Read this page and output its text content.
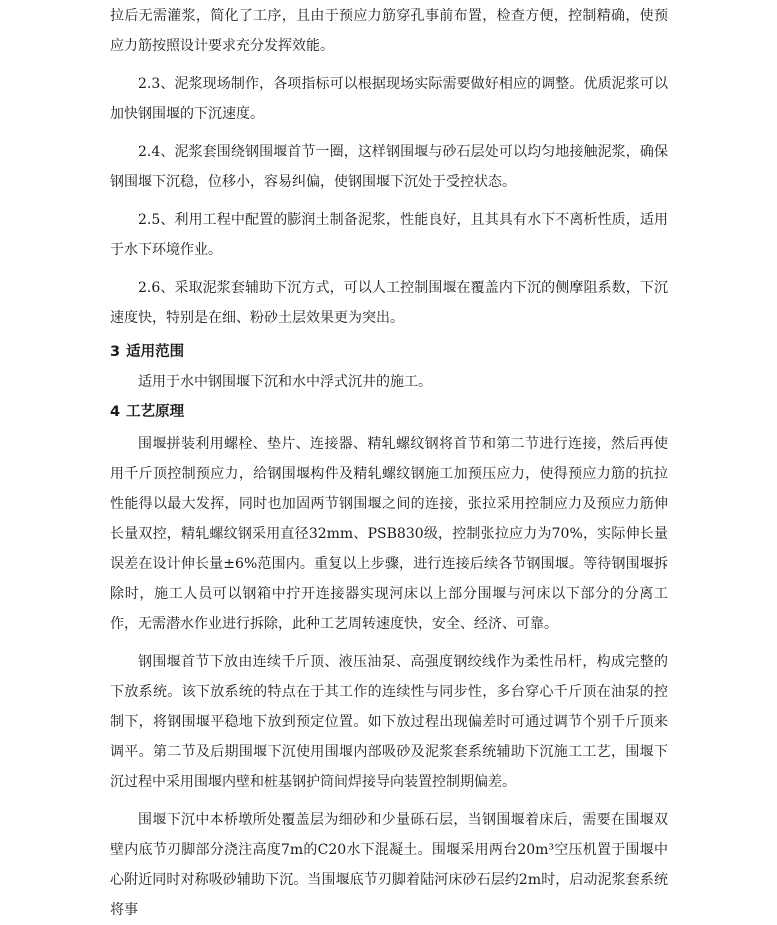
拉后无需灌浆，简化了工序，且由于预应力筋穿孔事前布置，检查方便，控制精确，使预应力筋按照设计要求充分发挥效能。

2.3、泥浆现场制作，各项指标可以根据现场实际需要做好相应的调整。优质泥浆可以加快钢围堰的下沉速度。

2.4、泥浆套围绕钢围堰首节一圈，这样钢围堰与砂石层处可以均匀地接触泥浆，确保钢围堰下沉稳，位移小，容易纠偏，使钢围堰下沉处于受控状态。

2.5、利用工程中配置的膨润土制备泥浆，性能良好，且其具有水下不离析性质，适用于水下环境作业。

2.6、采取泥浆套辅助下沉方式，可以人工控制围堰在覆盖内下沉的侧摩阻系数，下沉速度快，特别是在细、粉砂土层效果更为突出。

3 适用范围

适用于水中钢围堰下沉和水中浮式沉井的施工。

4 工艺原理

围堰拼装利用螺栓、垫片、连接器、精轧螺纹钢将首节和第二节进行连接，然后再使用千斤顶控制预应力，给钢围堰构件及精轧螺纹钢施工加预压应力，使得预应力筋的抗拉性能得以最大发挥，同时也加固两节钢围堰之间的连接，张拉采用控制应力及预应力筋伸长量双控，精轧螺纹钢采用直径32mm、PSB830级，控制张拉应力为70%，实际伸长量误差在设计伸长量±6%范围内。重复以上步骤，进行连接后续各节钢围堰。等待钢围堰拆除时，施工人员可以钢箱中拧开连接器实现河床以上部分围堰与河床以下部分的分离工作，无需潜水作业进行拆除，此种工艺周转速度快，安全、经济、可靠。

钢围堰首节下放由连续千斤顶、液压油泵、高强度钢绞线作为柔性吊杆，构成完整的下放系统。该下放系统的特点在于其工作的连续性与同步性，多台穿心千斤顶在油泵的控制下，将钢围堰平稳地下放到预定位置。如下放过程出现偏差时可通过调节个别千斤顶来调平。第二节及后期围堰下沉使用围堰内部吸砂及泥浆套系统辅助下沉施工工艺，围堰下沉过程中采用围堰内壁和桩基钢护筒间焊接导向装置控制期偏差。

围堰下沉中本桥墩所处覆盖层为细砂和少量砾石层，当钢围堰着床后，需要在围堰双壁内底节刃脚部分浇注高度7m的C20水下混凝土。围堰采用两台20m³空压机置于围堰中心附近同时对称吸砂辅助下沉。当围堰底节刃脚着陆河床砂石层约2m时，启动泥浆套系统将事
